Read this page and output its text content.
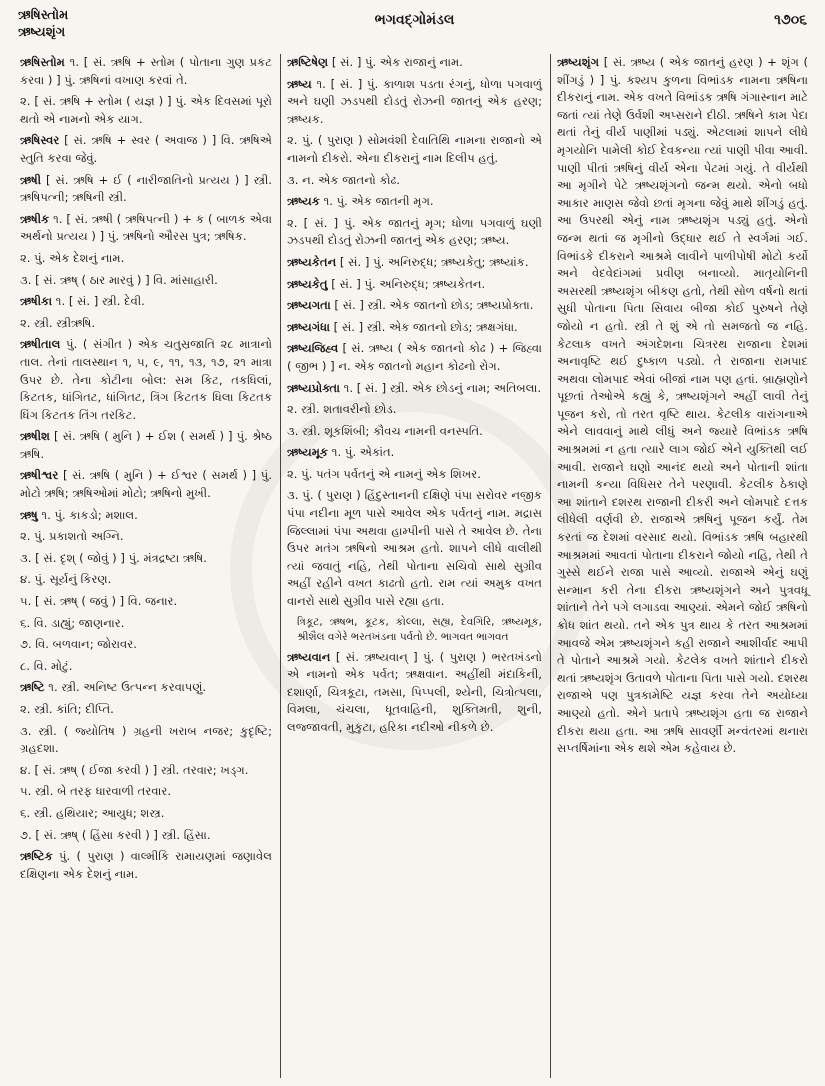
ઋષિસ્તોમ
ઋષ્યશૃંગ
ભગવદ્ગોમંડલ	૧૭૦૬
ઋષિસ્તોમ ૧. [ સં. ઋષિ + સ્તોમ ( પોતાના ગુણ પ્રકટ કરવા ) ] પું. ઋષિનાં વખાણ કરવાં તે.
૨. [ સં. ઋષિ + સ્તોમ ( યજ્ઞ ) ] પું. એક દિવસમાં પૂરો થતો એ નામનો એક યાગ.
ઋષિસ્વર [ સં. ઋષિ + સ્વર ( અવાજ ) ] વિ. ઋષિએ સ્તુતિ કરવા જેવું.
ઋષી [ સં. ઋષિ + ઈ ( નારીજાતિનો પ્રત્યય ) ] સ્ત્રી. ઋષિપત્ની; ઋષિની સ્ત્રી.
ઋષીક ૧. [ સં. ઋષી ( ઋષિપત્ની ) + ક ( બાળક એવા અર્થનો પ્રત્યય ) ] પું. ઋષિનો ઔરસ પુત્ર; ઋષિક.
૨. પું. એક દેશનું નામ.
૩. [ સં. ઋષ્ ( ઠાર મારવું ) ] વિ. માંસાહારી.
ઋષીકા ૧. [ સં. ] સ્ત્રી. દેવી.
૨. સ્ત્રી. સ્ત્રીઋષિ.
ઋષીતાલ પું. ( સંગીત ) એક ચતુસ્રજાતિ ૨૮ માત્રાનો તાલ. તેનાં તાલસ્થાન ૧, ૫, ૯, ૧૧, ૧૩, ૧૭, ૨૧ માત્રા ઉપર છે. તેના કોટીના બોલ: સમ કિટ, તકધિલાં, કિટતક, ધાંગિતટ, ધાંગિતટ, ત્રિંગ કિટતક ધિલા કિટતક ધિંગ કિટતક તિંગ તરકિટ.
ઋષીશ [ સં. ઋષિ ( મુનિ ) + ઈશ ( સમર્થ ) ] પું. શ્રેષ્ઠ ઋષિ.
ઋષીશ્વર [ સં. ઋષિ ( મુનિ ) + ઈશ્વર ( સમર્થ ) ] પું. મોટો ઋષિ; ઋષિઓમાં મોટો; ઋષિનો મુખી.
ઋષુ ૧. પું. કાકડો; મશાલ.
૨. પું. પ્રકાશતો અગ્નિ.
૩. [ સં. દૃશ્ ( જોવું ) ] પું. મંત્રદ્રષ્ટા ઋષિ.
૪. પું. સૂર્યનું કિરણ.
૫. [ સં. ઋષ્ ( જવું ) ] વિ. જનાર.
૬. વિ. ડાહ્યું; જાણનાર.
૭. વિ. બળવાન; જોરાવર.
૮. વિ. મોટું.
ઋષ્ટિ ૧. સ્ત્રી. અનિષ્ટ ઉત્પન્ન કરવાપણું.
૨. સ્ત્રી. કાંતિ; દીપ્તિ.
૩. સ્ત્રી. ( જ્યોતિષ ) ગ્રહની ખરાબ નજર; કુદૃષ્ટિ; ગ્રહદશા.
૪. [ સં. ઋષ્ ( ઈજા કરવી ) ] સ્ત્રી. તરવાર; ખડ્ગ.
૫. સ્ત્રી. બે તરફ ધારવાળી તરવાર.
૬. સ્ત્રી. હથિયાર; આયુધ; શસ્ત્ર.
૭. [ સં. ઋષ્ ( હિંસા કરવી ) ] સ્ત્રી. હિંસા.
ઋષ્ટિક પું. ( પુરાણ ) વાલ્મીકિ રામાયણમાં જણાવેલ દક્ષિણના એક દેશનું નામ.
ઋષ્ટિષેણ [ સં. ] પું. એક રાજાનું નામ.
ઋષ્ય ૧. [ સં. ] પું. કાળાશ પડતા રંગનું, ધોળા પગવાળું અને ઘણી ઝડપથી દોડતું રોઝની જાતનું એક હરણ; ઋષ્યક.
૨. પું. ( પુરાણ ) સોમવંશી દેવાતિથિ નામના રાજાનો એ નામનો દીકરો. એના દીકરાનું નામ દિલીપ હતું.
૩. ન. એક જાતનો કોઢ.
ઋષ્યક ૧. પું. એક જાતની મૃગ.
૨. [ સં. ] પું. એક જાતનું મૃગ; ધોળા પગવાળું ઘણી ઝડપથી દોડતું રોઝની જાતનું એક હરણ; ઋષ્ય.
ઋષ્યકેતન [ સં. ] પું. અનિરુદ્ધ; ઋષ્યકેતુ; ઋષ્યાંક.
ઋષ્યકેતુ [ સં. ] પું. અનિરુદ્ધ; ઋષ્યકેતન.
ઋષ્યગતા [ સં. ] સ્ત્રી. એક જાતનો છોડ; ઋષ્યપ્રોક્તા.
ઋષ્યગંધા [ સં. ] સ્ત્રી. એક જાતનો છોડ; ઋક્ષગંધા.
ઋષ્યજિહ્વ [ સં. ઋષ્ય ( એક જાતનો કોઢ ) + જિહ્વા ( જીભ ) ] ન. એક જાતનો મહાન કોઢનો રોગ.
ઋષ્યપ્રોક્તા ૧. [ સં. ] સ્ત્રી. એક છોડનું નામ; અતિબલા.
૨. સ્ત્રી. શતાવરીનો છોડ.
૩. સ્ત્રી. શૂકશિંબી; કૌવચ નામની વનસ્પતિ.
ઋષ્યમૂક ૧. પું. એકાંત.
૨. પું. પતંગ પર્વતનું એ નામનું એક શિખર.
૩. પું. ( પુરાણ ) હિંદુસ્તાનની દક્ષિણે પંપા સરોવર નજીક પંપા નદીના મૂળ પાસે આવેલ એક પર્વતનું નામ. મદ્રાસ જિલ્લામાં પંપા અથવા હામ્પીની પાસે તે આવેલ છે. તેના ઉપર મતંગ ઋષિનો આશ્રમ હતો. શાપને લીધે વાલીથી ત્યાં જવાતું નહિ, તેથી પોતાના સચિવો સાથે સુગ્રીવ અહીં રહીને વખત કાઢતો હતો. રામ ત્યાં અમુક વખત વાનરો સાથે સુગ્રીવ પાસે રહ્યા હતા.
ત્રિકૂટ, ઋષભ, કૂટક, કોલ્લા, સહ્ય, દેવગિરિ, ઋષ્યમૂક, શ્રીશૈલ વગેરે ભરતખંડના પર્વતો છે. ભાગવત ભાગવત
ઋષ્યવાન [ સં. ઋષ્યવાન્ ] પું. ( પુરાણ ) ભરતખંડનો એ નામનો એક પર્વત; ઋક્ષવાન. અહીંથી મંદાકિની, દશાર્ણા, ચિત્રકૂટા, તમસા, પિપ્પલી, શ્યેની, ચિત્રોત્પલા, વિમલા, ચંચલા, ધૂતવાહિની, શુક્તિમતી, શુની, લજ્જાવતી, મુકુટા, હરિકા નદીઓ નીકળે છે.
ઋષ્યશૃંગ [ સં. ઋષ્ય ( એક જાતનું હરણ ) + શૃંગ ( શીંગડું ) ] પું. કશ્યપ કુળના વિભાંડક નામના ઋષિના દીકરાનું નામ. એક વખતે વિભાંડક ઋષિ ગંગાસ્નાન માટે જતાં ત્યાં તેણે ઉર્વશી અપ્સરાને દીઠી. ઋષિને કામ પેદા થતાં તેનું વીર્ય પાણીમાં પડ્યું. એટલામાં શાપને લીધે મૃગયોનિ પામેલી કોઈ દેવકન્યા ત્યાં પાણી પીવા આવી. પાણી પીતાં ઋષિનું વીર્ય એના પેટમાં ગયું. તે વીર્યથી આ મૃગીને પેટે ઋષ્યશૃંગનો જન્મ થયો. એનો બધો આકાર માણસ જેવો છતાં મૃગના જેવું માથે શીંગડું હતું. આ ઉપરથી એનું નામ ઋષ્યશૃંગ પડ્યું હતું. એનો જન્મ થતાં જ મૃગીનો ઉદ્ધાર થઈ તે સ્વર્ગમાં ગઈ. વિભાંડકે દીકરાને આશ્રમે લાવીને પાળીપોષી મોટો કર્યો અને વેદવેદાંગમાં પ્રવીણ બનાવ્યો. માતૃયોનિની અસરથી ઋષ્યશૃંગ બીકણ હતો, તેથી સોળ વર્ષનો થતાં સુધી પોતાના પિતા સિવાય બીજા કોઈ પુરુષને તેણે જોયો ન હતો. સ્ત્રી તે શું એ તો સમજતો જ નહિ. કેટલાક વખતે અંગદેશના ચિત્રરથ રાજાના દેશમાં અનાવૃષ્ટિ થઈ દુષ્કાળ પડ્યો. તે રાજાના રામપાદ અથવા લોમપાદ એવાં બીજાં નામ પણ હતાં. બ્રાહ્મણોને પૂછતાં તેઓએ કહ્યું કે, ઋષ્યશૃંગને અહીં લાવી તેનું પૂજન કરો, તો તરત વૃષ્ટિ થાય. કેટલીક વારાંગનાએ એને લાવવાનું માથે લીધું અને જ્યારે વિભાંડક ઋષિ આશ્રમમાં ન હતા ત્યારે લાગ જોઈ એને યુક્તિથી લઈ આવી. રાજાને ઘણો આનંદ થયો અને પોતાની શાંતા નામની કન્યા વિધિસર તેને પરણાવી. કેટલીક ઠેકાણે આ શાંતાને દશરથ રાજાની દીકરી અને લોમપાદે દત્તક લીધેલી વર્ણવી છે. રાજાએ ઋષિનું પૂજન કર્યું. તેમ કરતાં જ દેશમાં વરસાદ થયો. વિભાંડક ઋષિ બહારથી આશ્રમમાં આવતાં પોતાના દીકરાને જોયો નહિ, તેથી તે ગુસ્સે થઈને રાજા પાસે આવ્યો. રાજાએ એનું ઘણું સન્માન કરી તેના દીકરા ઋષ્યશૃંગને અને પુત્રવધૂ શાંતાને તેને પગે લગાડવા આણ્યાં. એમને જોઈ ઋષિનો ક્રોધ શાંત થયો. તને એક પુત્ર થાય કે તરત આશ્રમમાં આવજે એમ ઋષ્યશૃંગને કહી રાજાને આશીર્વાદ આપી તે પોતાને આશ્રમે ગયો. કેટલેક વખતે શાંતાને દીકરો થતાં ઋષ્યશૃંગ ઉતાવળે પોતાના પિતા પાસે ગયો. દશરથ રાજાએ પણ પુત્રકામેષ્ટિ યજ્ઞ કરવા તેને અયોધ્યા આણ્યો હતો. એને પ્રતાપે ઋષ્યશૃંગ હતા જ રાજાને દીકરા થયા હતા. આ ઋષિ સાવર્ણી મન્વંતરમાં થનારા સપ્તર્ષિમાંના એક થશે એમ કહેવાય છે.
